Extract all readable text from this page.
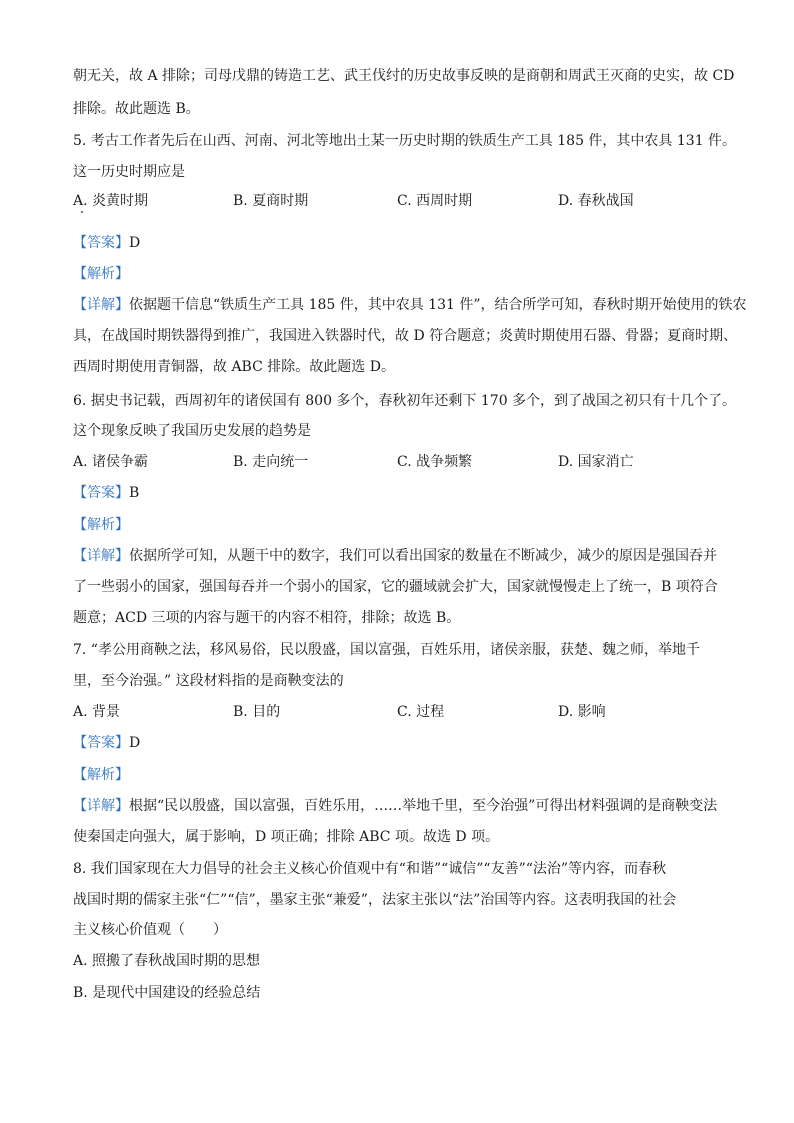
朝无关，故 A 排除；司母戊鼎的铸造工艺、武王伐纣的历史故事反映的是商朝和周武王灭商的史实，故 CD
排除。故此题选 B。
5. 考古工作者先后在山西、河南、河北等地出土某一历史时期的铁质生产工具 185 件，其中农具 131 件。
这一历史时期应是
A. 炎黄时期	B. 夏商时期	C. 西周时期	D. 春秋战国
【答案】D
【解析】
【详解】依据题干信息“铁质生产工具 185 件，其中农具 131 件”，结合所学可知，春秋时期开始使用的铁农
具，在战国时期铁器得到推广，我国进入铁器时代，故 D 符合题意；炎黄时期使用石器、骨器；夏商时期、
西周时期使用青铜器，故 ABC 排除。故此题选 D。
6. 据史书记载，西周初年的诸侯国有 800 多个，春秋初年还剩下 170 多个，到了战国之初只有十几个了。
这个现象反映了我国历史发展的趋势是
A. 诸侯争霸	B. 走向统一	C. 战争频繁	D. 国家消亡
【答案】B
【解析】
【详解】依据所学可知，从题干中的数字，我们可以看出国家的数量在不断减少，减少的原因是强国吞并
了一些弱小的国家，强国每吞并一个弱小的国家，它的疆域就会扩大，国家就慢慢走上了统一，B 项符合
题意；ACD 三项的内容与题干的内容不相符，排除；故选 B。
7. “孝公用商鞅之法，移风易俗，民以殷盛，国以富强，百姓乐用，诸侯亲服，获楚、魏之师，举地千
里，至今治强。” 这段材料指的是商鞅变法的
A. 背景	B. 目的	C. 过程	D. 影响
【答案】D
【解析】
【详解】根据“民以殷盛，国以富强，百姓乐用，……举地千里，至今治强”可得出材料强调的是商鞅变法
使秦国走向强大，属于影响，D 项正确；排除 ABC 项。故选 D 项。
8. 我们国家现在大力倡导的社会主义核心价值观中有“和谐”“诚信”“友善”“法治”等内容，而春秋
战国时期的儒家主张“仁”“信”，墨家主张“兼爱”，法家主张以“法”治国等内容。这表明我国的社会
主义核心价值观（　　）
A. 照搬了春秋战国时期的思想
B. 是现代中国建设的经验总结
